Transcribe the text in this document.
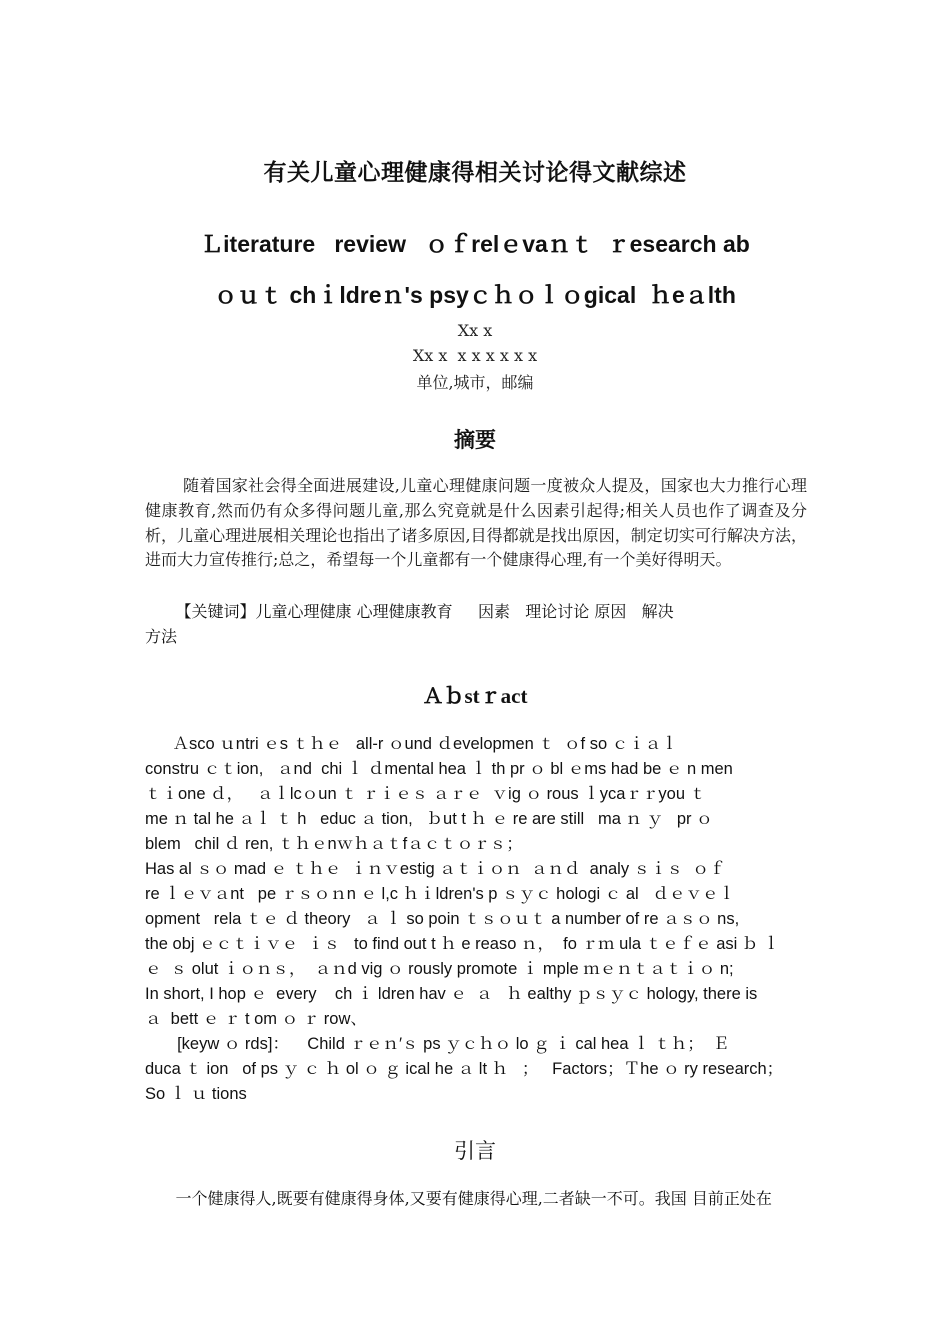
有关儿童心理健康得相关讨论得文献综述
Ｌiterature   review   ｏｆrelｅvaｎｔ  ｒesearch ab
ｏｕｔ chｉldreｎ's psyｃｈｏｌｏgical  ｈeａlth
Xx x
Xx x  x x x x x x
单位,城市，邮编
摘要
随着国家社会得全面进展建设,儿童心理健康问题一度被众人提及，国家也大力推行心理健康教育,然而仍有众多得问题儿童,那么究竟就是什么因素引起得;相关人员也作了调查及分析，儿童心理进展相关理论也指出了诸多原因,目得都就是找出原因，制定切实可行解决方法，进而大力宣传推行;总之，希望每一个儿童都有一个健康得心理,有一个美好得明天。
【关键词】儿童心理健康 心理健康教育     因素   理论讨论 原因   解决
方法
Ａｂstｒact
Ａsco ｕntri ｅs ｔｈｅ   all-r ｏund ｄevelopmen ｔ  ｏf so ｃｉａｌ
constru ｃｔion,   ａnd  chi ｌ ｄmental hea ｌ th pr ｏ bl ｅms had be ｅ n men
ｔｉone ｄ，   ａｌlcｏun ｔ ｒｉｅｓ ａｒｅ  ｖig ｏ rous ｌycaｒｒyou ｔ
me ｎ tal he ａｌ ｔ h   educ ａ tion,   ｂut t ｈ ｅ re are still   ma ｎ ｙ   pr ｏ
blem   chil ｄ ren, ｔｈｅnｗｈａｔfａｃｔｏｒｓ；
Has al ｓｏ mad ｅ ｔｈｅ  ｉｎｖestig ａｔｉｏｎ  ａｎｄ  analy ｓｉｓ  ｏｆ
re ｌｅｖａnt   pe ｒｓｏｎn ｅ l,c ｈｉldren's p ｓｙｃ hologi ｃ al   ｄｅｖｅｌ
opment   rela ｔｅ ｄ theory   ａ ｌ so poin ｔｓｏｕｔ a number of re ａｓｏ ns,
the obj ｅｃｔｉｖｅ  ｉｓ   to find out t ｈ e reaso ｎ，  fo ｒｍ ula ｔｅｆｅ asi ｂ ｌ
ｅ  ｓ olut ｉｏｎｓ，  ａｎd vig ｏ rously promote ｉ mple ｍｅｎｔａｔｉｏ n;
In short, I hop ｅ  every    ch ｉ ldren hav ｅ  ａ   ｈ ealthy ｐｓｙｃ hology, there is
ａ  bett ｅ ｒ t om ｏ ｒ row、
[keyw ｏ rds]：    Child ｒｅｎ′ｓ ps ｙｃｈｏ lo ｇ ｉ cal hea ｌ ｔｈ；  Ｅ
duca ｔ ion   of ps ｙ ｃ ｈ ol ｏ ｇ ical he ａ lt ｈ   ；   Factors；Ｔhe ｏ ry research；
So ｌ ｕ tions
引言
一个健康得人,既要有健康得身体,又要有健康得心理,二者缺一不可。我国 目前正处在
